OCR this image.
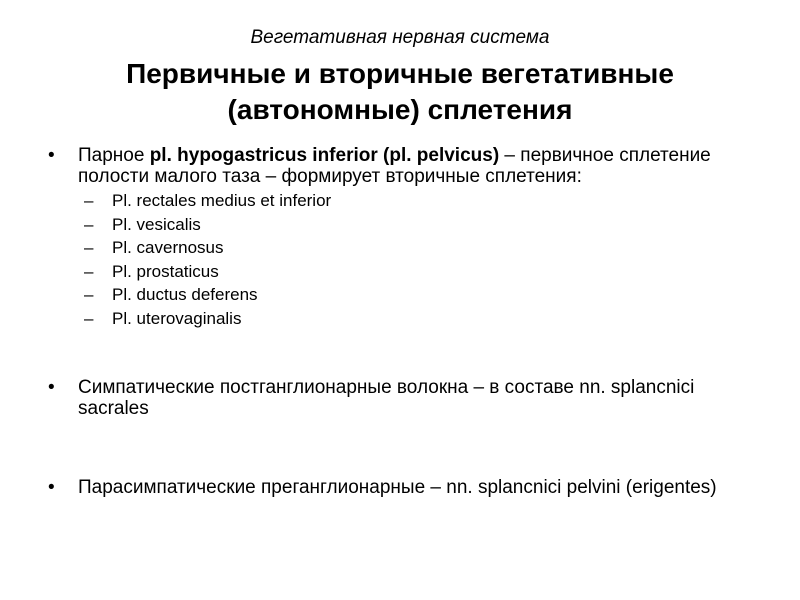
Вегетативная нервная система
Первичные и вторичные вегетативные (автономные) сплетения
•	Парное pl. hypogastricus inferior (pl. pelvicus) – первичное сплетение полости малого таза – формирует вторичные сплетения:
– Pl. rectales medius et inferior
– Pl. vesicalis
– Pl. cavernosus
– Pl. prostaticus
– Pl. ductus deferens
– Pl. uterovaginalis
•	Симпатические постганглионарные волокна – в составе nn. splancnici sacrales
•	Парасимпатические преганглионарные – nn. splancnici pelvini (erigentes)
